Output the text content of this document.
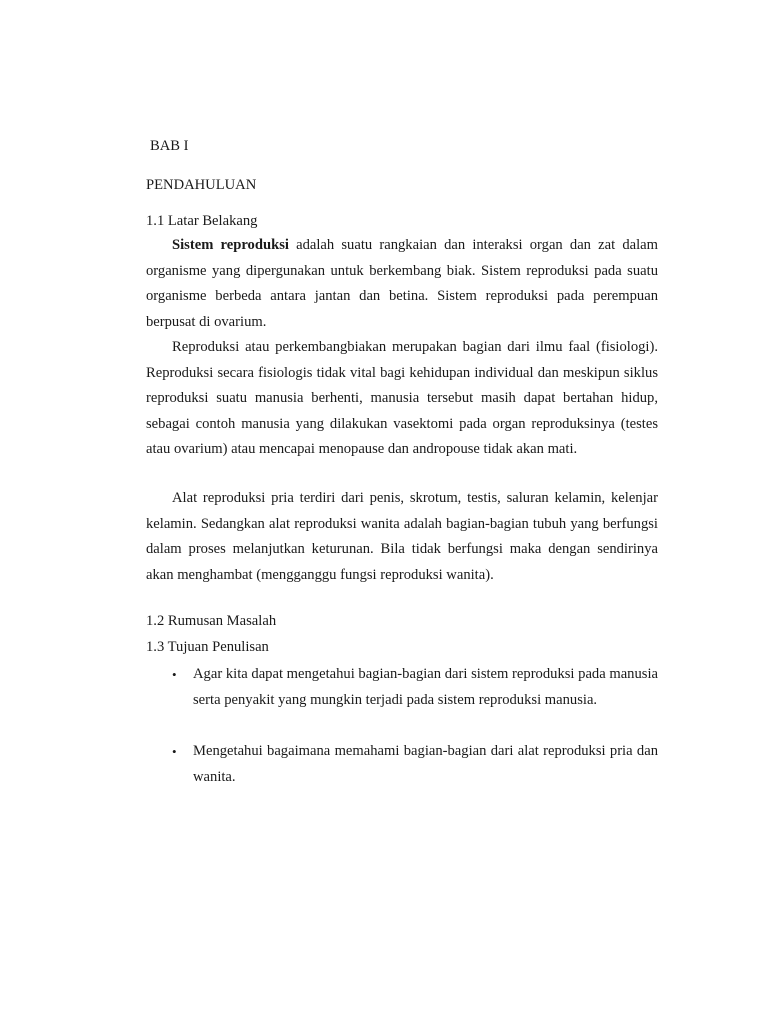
BAB I
PENDAHULUAN
1.1 Latar Belakang

Sistem reproduksi adalah suatu rangkaian dan interaksi organ dan zat dalam organisme yang dipergunakan untuk berkembang biak. Sistem reproduksi pada suatu organisme berbeda antara jantan dan betina. Sistem reproduksi pada perempuan berpusat di ovarium.

Reproduksi atau perkembangbiakan merupakan bagian dari ilmu faal (fisiologi). Reproduksi secara fisiologis tidak vital bagi kehidupan individual dan meskipun siklus reproduksi suatu manusia berhenti, manusia tersebut masih dapat bertahan hidup, sebagai contoh manusia yang dilakukan vasektomi pada organ reproduksinya (testes atau ovarium) atau mencapai menopause dan andropouse tidak akan mati.

Alat reproduksi pria terdiri dari penis, skrotum, testis, saluran kelamin, kelenjar kelamin. Sedangkan alat reproduksi wanita adalah bagian-bagian tubuh yang berfungsi dalam proses melanjutkan keturunan. Bila tidak berfungsi maka dengan sendirinya akan menghambat (mengganggu fungsi reproduksi wanita).

1.2 Rumusan Masalah
1.3 Tujuan Penulisan
• Agar kita dapat mengetahui bagian-bagian dari sistem reproduksi pada manusia serta penyakit yang mungkin terjadi pada sistem reproduksi manusia.

• Mengetahui bagaimana memahami bagian-bagian dari alat reproduksi pria dan wanita.
